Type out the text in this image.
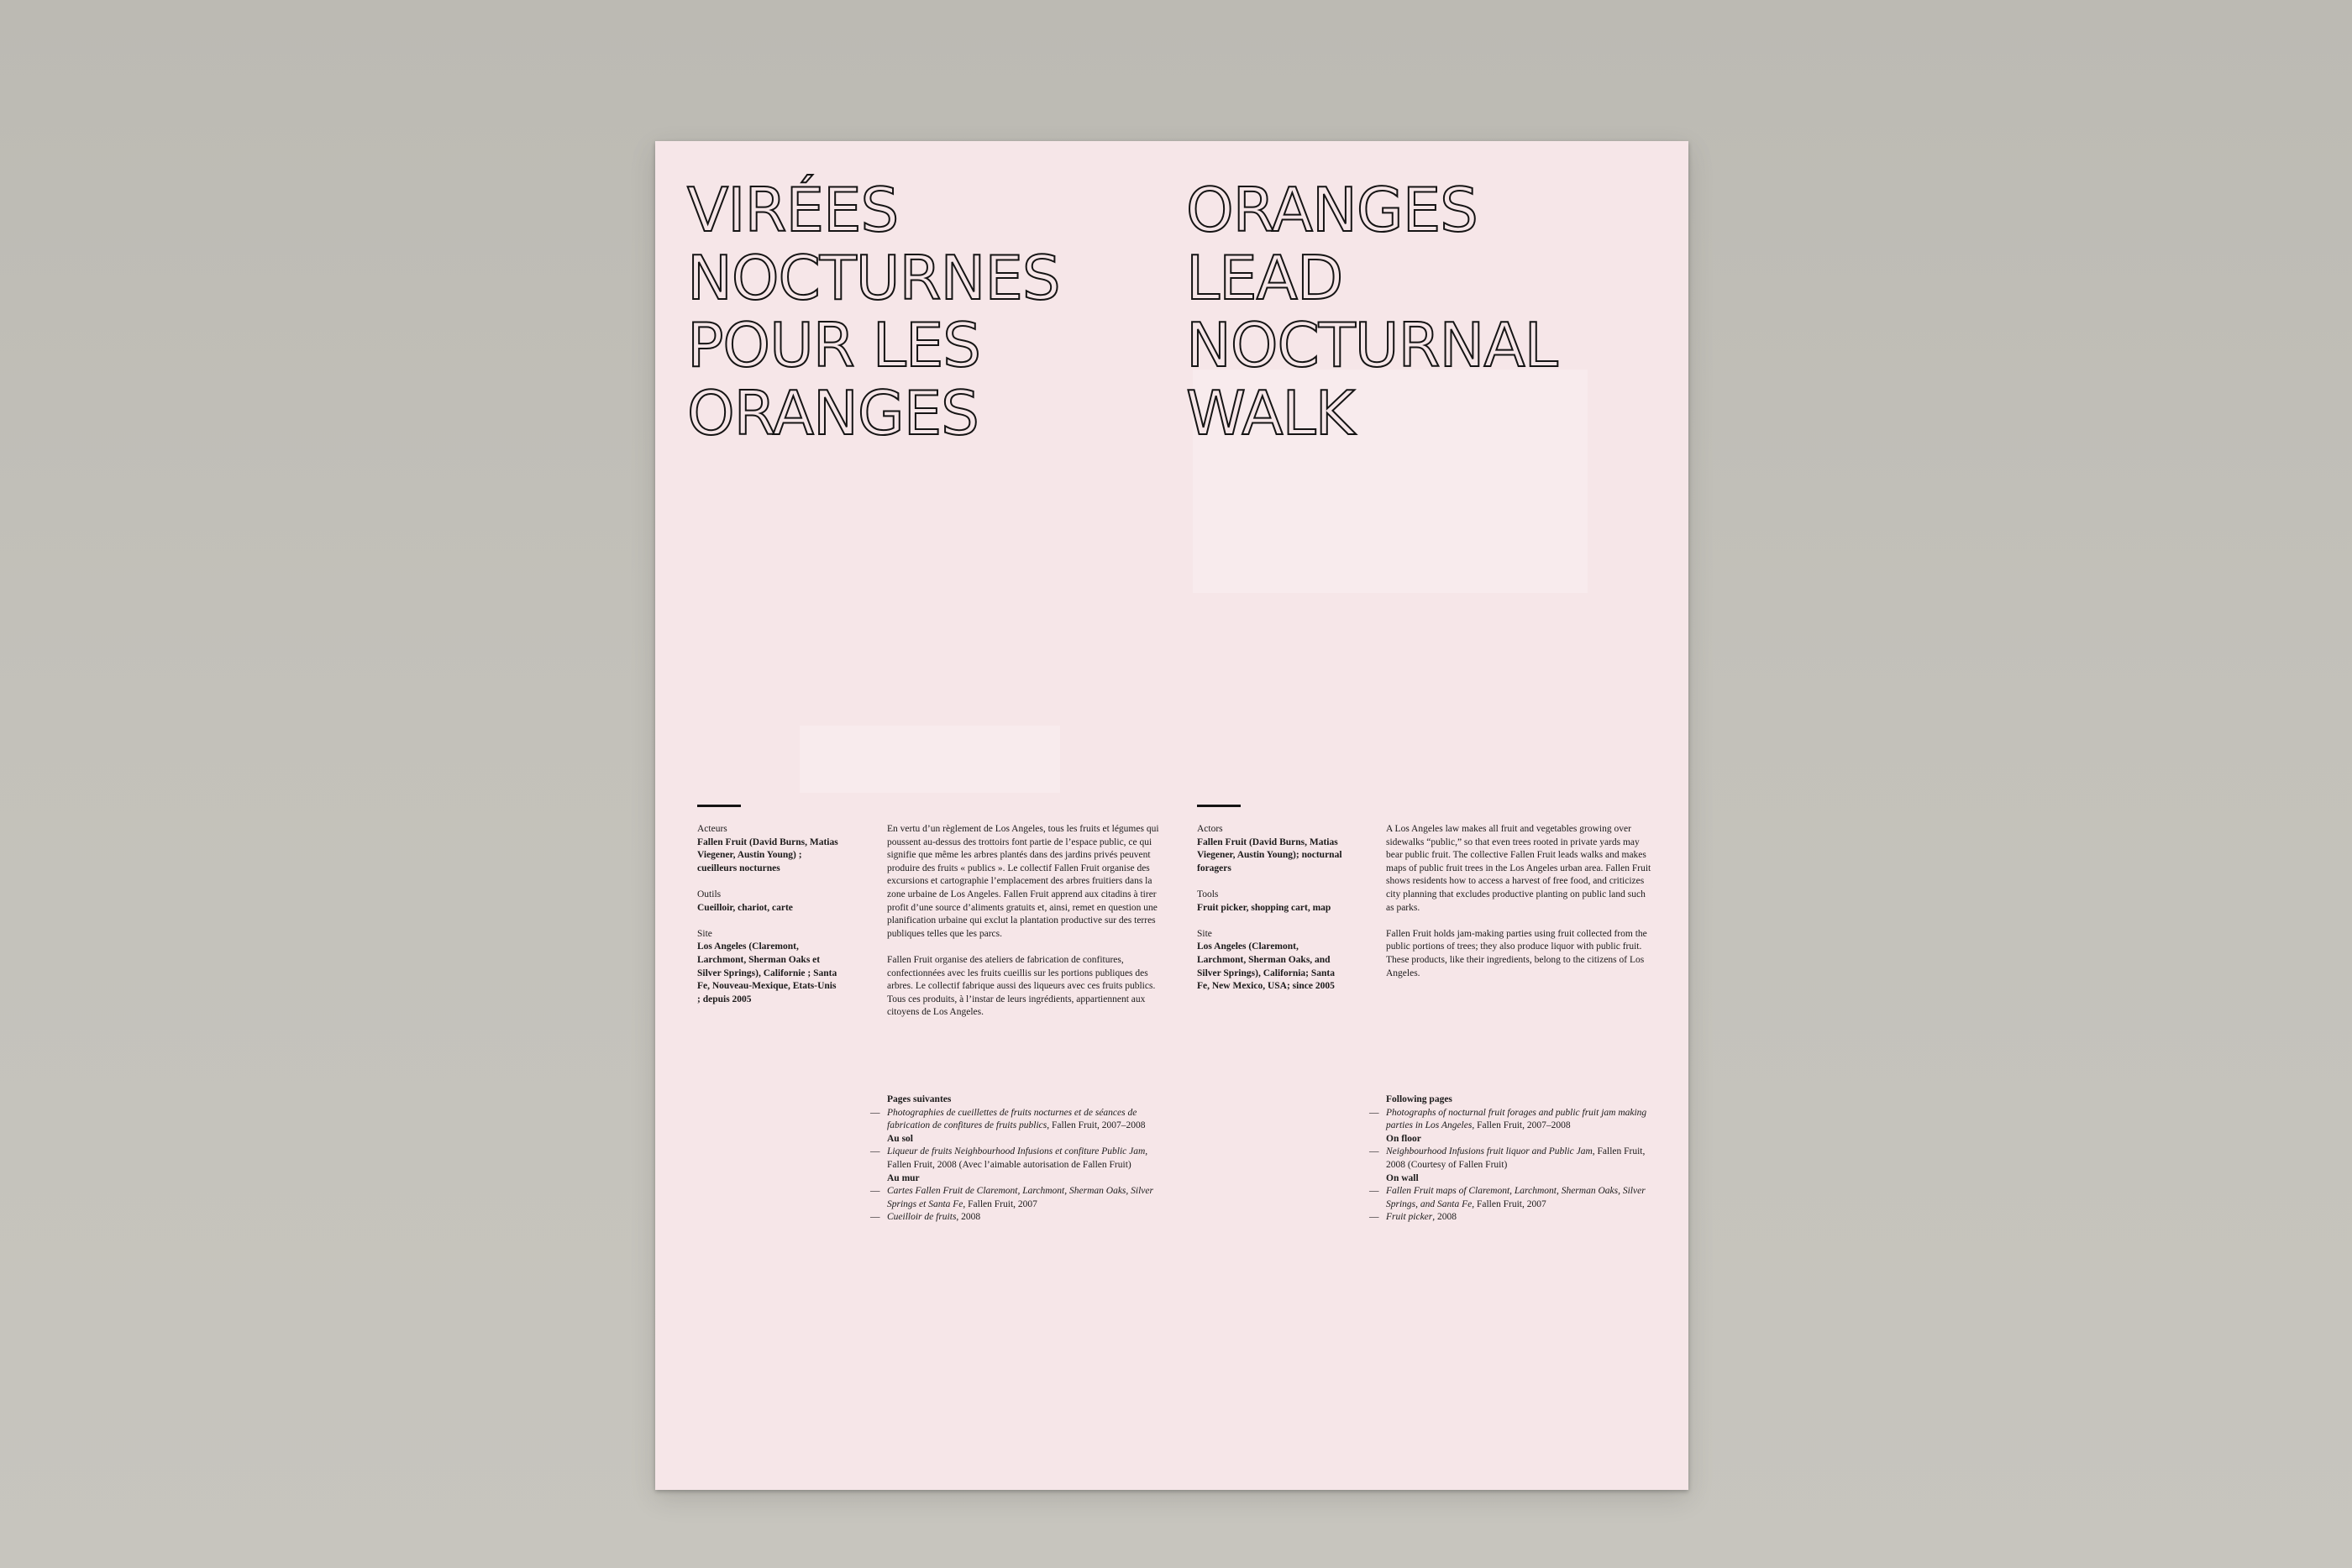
VIRÉES
NOCTURNES
POUR LES
ORANGES
ORANGES
LEAD
NOCTURNAL
WALK
Acteurs
Fallen Fruit (David Burns, Matias Viegener, Austin Young) ; cueilleurs nocturnes
Outils
Cueilloir, chariot, carte
Site
Los Angeles (Claremont, Larchmont, Sherman Oaks et Silver Springs), Californie ; Santa Fe, Nouveau-Mexique, Etats-Unis ; depuis 2005

En vertu d’un règlement de Los Angeles, tous les fruits et légumes qui poussent au-dessus des trottoirs font partie de l’espace public, ce qui signifie que même les arbres plantés dans des jardins privés peuvent produire des fruits « publics ». Le collectif Fallen Fruit organise des excursions et cartographie l’emplacement des arbres fruitiers dans la zone urbaine de Los Angeles. Fallen Fruit apprend aux citadins à tirer profit d’une source d’aliments gratuits et, ainsi, remet en question une planification urbaine qui exclut la plantation productive sur des terres publiques telles que les parcs.

Fallen Fruit organise des ateliers de fabrication de confitures, confectionnées avec les fruits cueillis sur les portions publiques des arbres. Le collectif fabrique aussi des liqueurs avec ces fruits publics. Tous ces produits, à l’instar de leurs ingrédients, appartiennent aux citoyens de Los Angeles.

Pages suivantes
— Photographies de cueillettes de fruits nocturnes et de séances de fabrication de confitures de fruits publics, Fallen Fruit, 2007–2008
Au sol
— Liqueur de fruits Neighbourhood Infusions et confiture Public Jam, Fallen Fruit, 2008 (Avec l’aimable autorisation de Fallen Fruit)
Au mur
— Cartes Fallen Fruit de Claremont, Larchmont, Sherman Oaks, Silver Springs et Santa Fe, Fallen Fruit, 2007
— Cueilloir de fruits, 2008
Actors
Fallen Fruit (David Burns, Matias Viegener, Austin Young); nocturnal foragers
Tools
Fruit picker, shopping cart, map
Site
Los Angeles (Claremont, Larchmont, Sherman Oaks, and Silver Springs), California; Santa Fe, New Mexico, USA; since 2005

A Los Angeles law makes all fruit and vegetables growing over sidewalks “public,” so that even trees rooted in private yards may bear public fruit. The collective Fallen Fruit leads walks and makes maps of public fruit trees in the Los Angeles urban area. Fallen Fruit shows residents how to access a harvest of free food, and criticizes city planning that excludes productive planting on public land such as parks.

Fallen Fruit holds jam-making parties using fruit collected from the public portions of trees; they also produce liquor with public fruit. These products, like their ingredients, belong to the citizens of Los Angeles.

Following pages
— Photographs of nocturnal fruit forages and public fruit jam making parties in Los Angeles, Fallen Fruit, 2007–2008
On floor
— Neighbourhood Infusions fruit liquor and Public Jam, Fallen Fruit, 2008 (Courtesy of Fallen Fruit)
On wall
— Fallen Fruit maps of Claremont, Larchmont, Sherman Oaks, Silver Springs, and Santa Fe, Fallen Fruit, 2007
— Fruit picker, 2008
